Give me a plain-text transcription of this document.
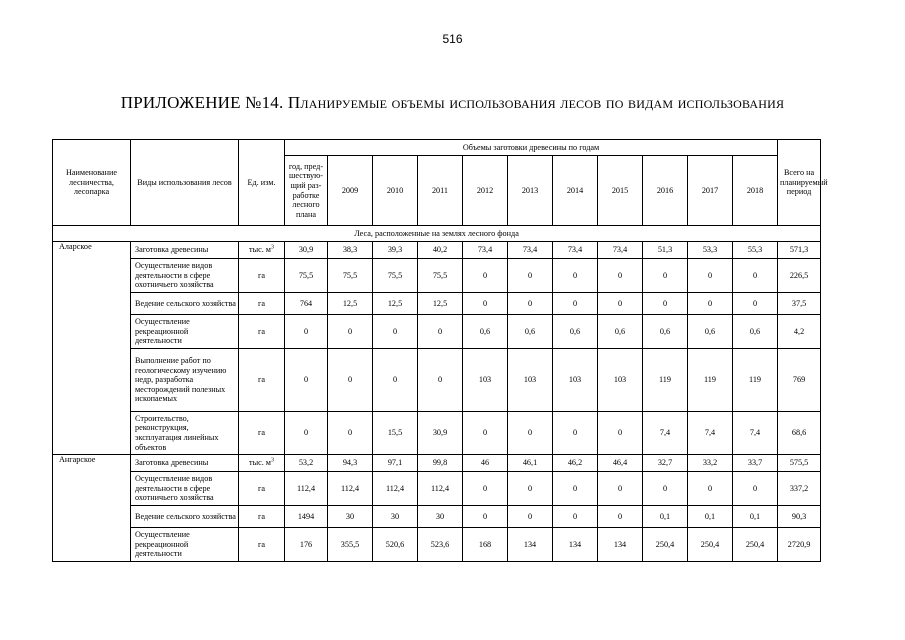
516
ПРИЛОЖЕНИЕ №14. Планируемые объемы использования лесов по видам использования
Наименование лесничества, лесопарка	Виды использования лесов	Ед. изм.	Объемы заготовки древесины по годам											Всего на планируемый период
			год, пред-шествую-щий раз-работке лесного плана	2009	2010	2011	2012	2013	2014	2015	2016	2017	2018	
Леса, расположенные на землях лесного фонда														
Аларское	Заготовка древесины	тыс. $м^3$	30,9	38,3	39,3	40,2	73,4	73,4	73,4	73,4	51,3	53,3	55,3	571,3
	Осуществление видов деятельности в сфере охотничьего хозяйства	га	75,5	75,5	75,5	75,5	0	0	0	0	0	0	0	226,5
	Ведение сельского хозяйства	га	764	12,5	12,5	12,5	0	0	0	0	0	0	0	37,5
	Осуществление рекреационной деятельности	га	0	0	0	0	0,6	0,6	0,6	0,6	0,6	0,6	0,6	4,2
	Выполнение работ по геологическому изучению недр, разработка месторождений полезных ископаемых	га	0	0	0	0	103	103	103	103	119	119	119	769
	Строительство, реконструкция, эксплуатация линейных объектов	га	0	0	15,5	30,9	0	0	0	0	7,4	7,4	7,4	68,6
Ангарское	Заготовка древесины	тыс. $м^3$	53,2	94,3	97,1	99,8	46	46,1	46,2	46,4	32,7	33,2	33,7	575,5
	Осуществление видов деятельности в сфере охотничьего хозяйства	га	112,4	112,4	112,4	112,4	0	0	0	0	0	0	0	337,2
	Ведение сельского хозяйства	га	1494	30	30	30	0	0	0	0	0,1	0,1	0,1	90,3
	Осуществление рекреационной деятельности	га	176	355,5	520,6	523,6	168	134	134	134	250,4	250,4	250,4	2720,9
